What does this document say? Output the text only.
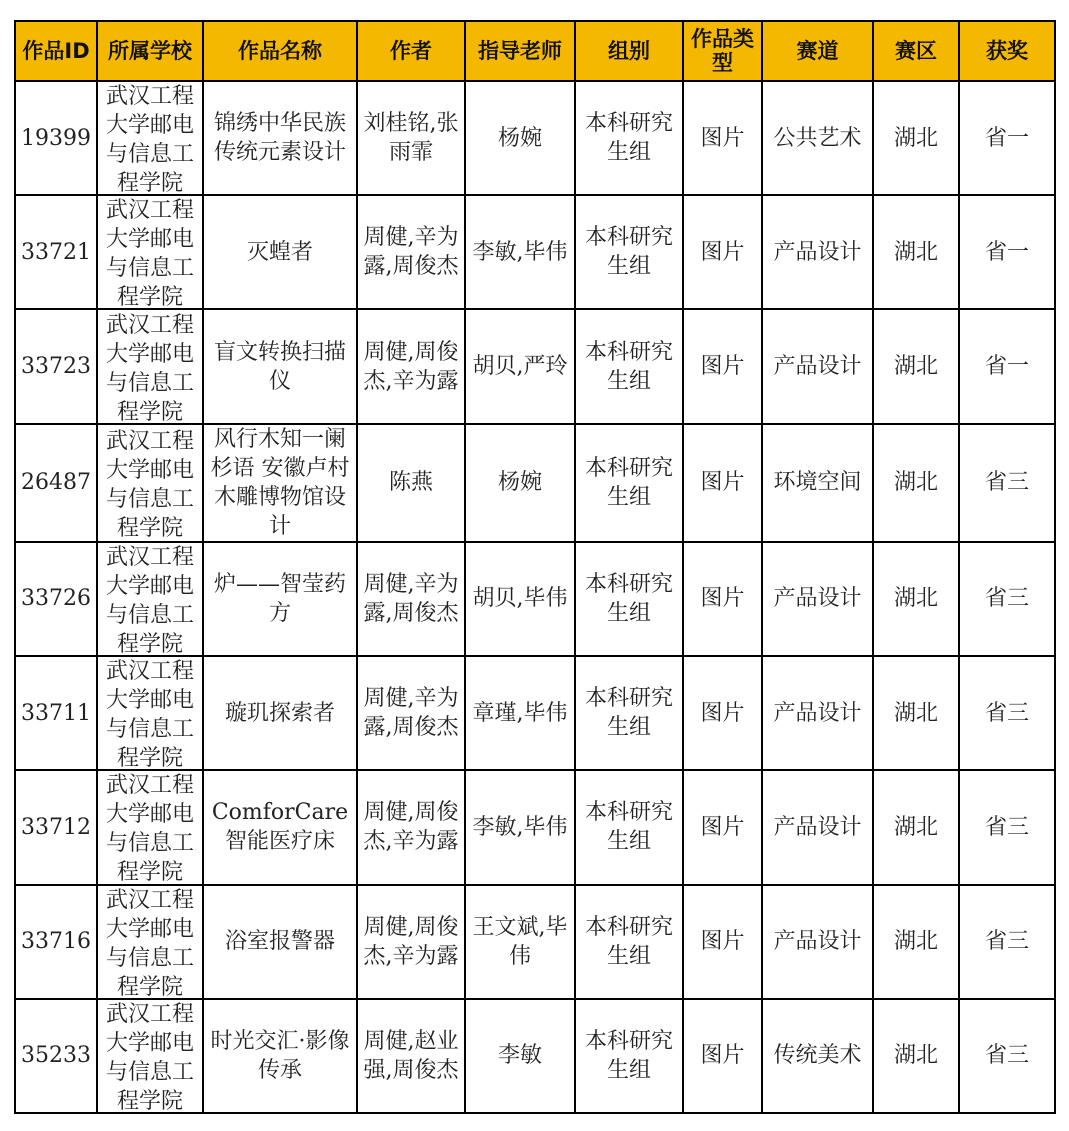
作品ID	所属学校	作品名称	作者	指导老师	组别	作品类型	赛道	赛区	获奖
19399	武汉工程大学邮电与信息工程学院	锦绣中华民族传统元素设计	刘桂铭,张雨霏	杨婉	本科研究生组	图片	公共艺术	湖北	省一
33721	武汉工程大学邮电与信息工程学院	灭蝗者	周健,辛为露,周俊杰	李敏,毕伟	本科研究生组	图片	产品设计	湖北	省一
33723	武汉工程大学邮电与信息工程学院	盲文转换扫描仪	周健,周俊杰,辛为露	胡贝,严玲	本科研究生组	图片	产品设计	湖北	省一
26487	武汉工程大学邮电与信息工程学院	风行木知一阑杉语 安徽卢村木雕博物馆设计	陈燕	杨婉	本科研究生组	图片	环境空间	湖北	省三
33726	武汉工程大学邮电与信息工程学院	炉——智莹药方	周健,辛为露,周俊杰	胡贝,毕伟	本科研究生组	图片	产品设计	湖北	省三
33711	武汉工程大学邮电与信息工程学院	璇玑探索者	周健,辛为露,周俊杰	章瑾,毕伟	本科研究生组	图片	产品设计	湖北	省三
33712	武汉工程大学邮电与信息工程学院	ComforCare智能医疗床	周健,周俊杰,辛为露	李敏,毕伟	本科研究生组	图片	产品设计	湖北	省三
33716	武汉工程大学邮电与信息工程学院	浴室报警器	周健,周俊杰,辛为露	王文斌,毕伟	本科研究生组	图片	产品设计	湖北	省三
35233	武汉工程大学邮电与信息工程学院	时光交汇·影像传承	周健,赵业强,周俊杰	李敏	本科研究生组	图片	传统美术	湖北	省三
